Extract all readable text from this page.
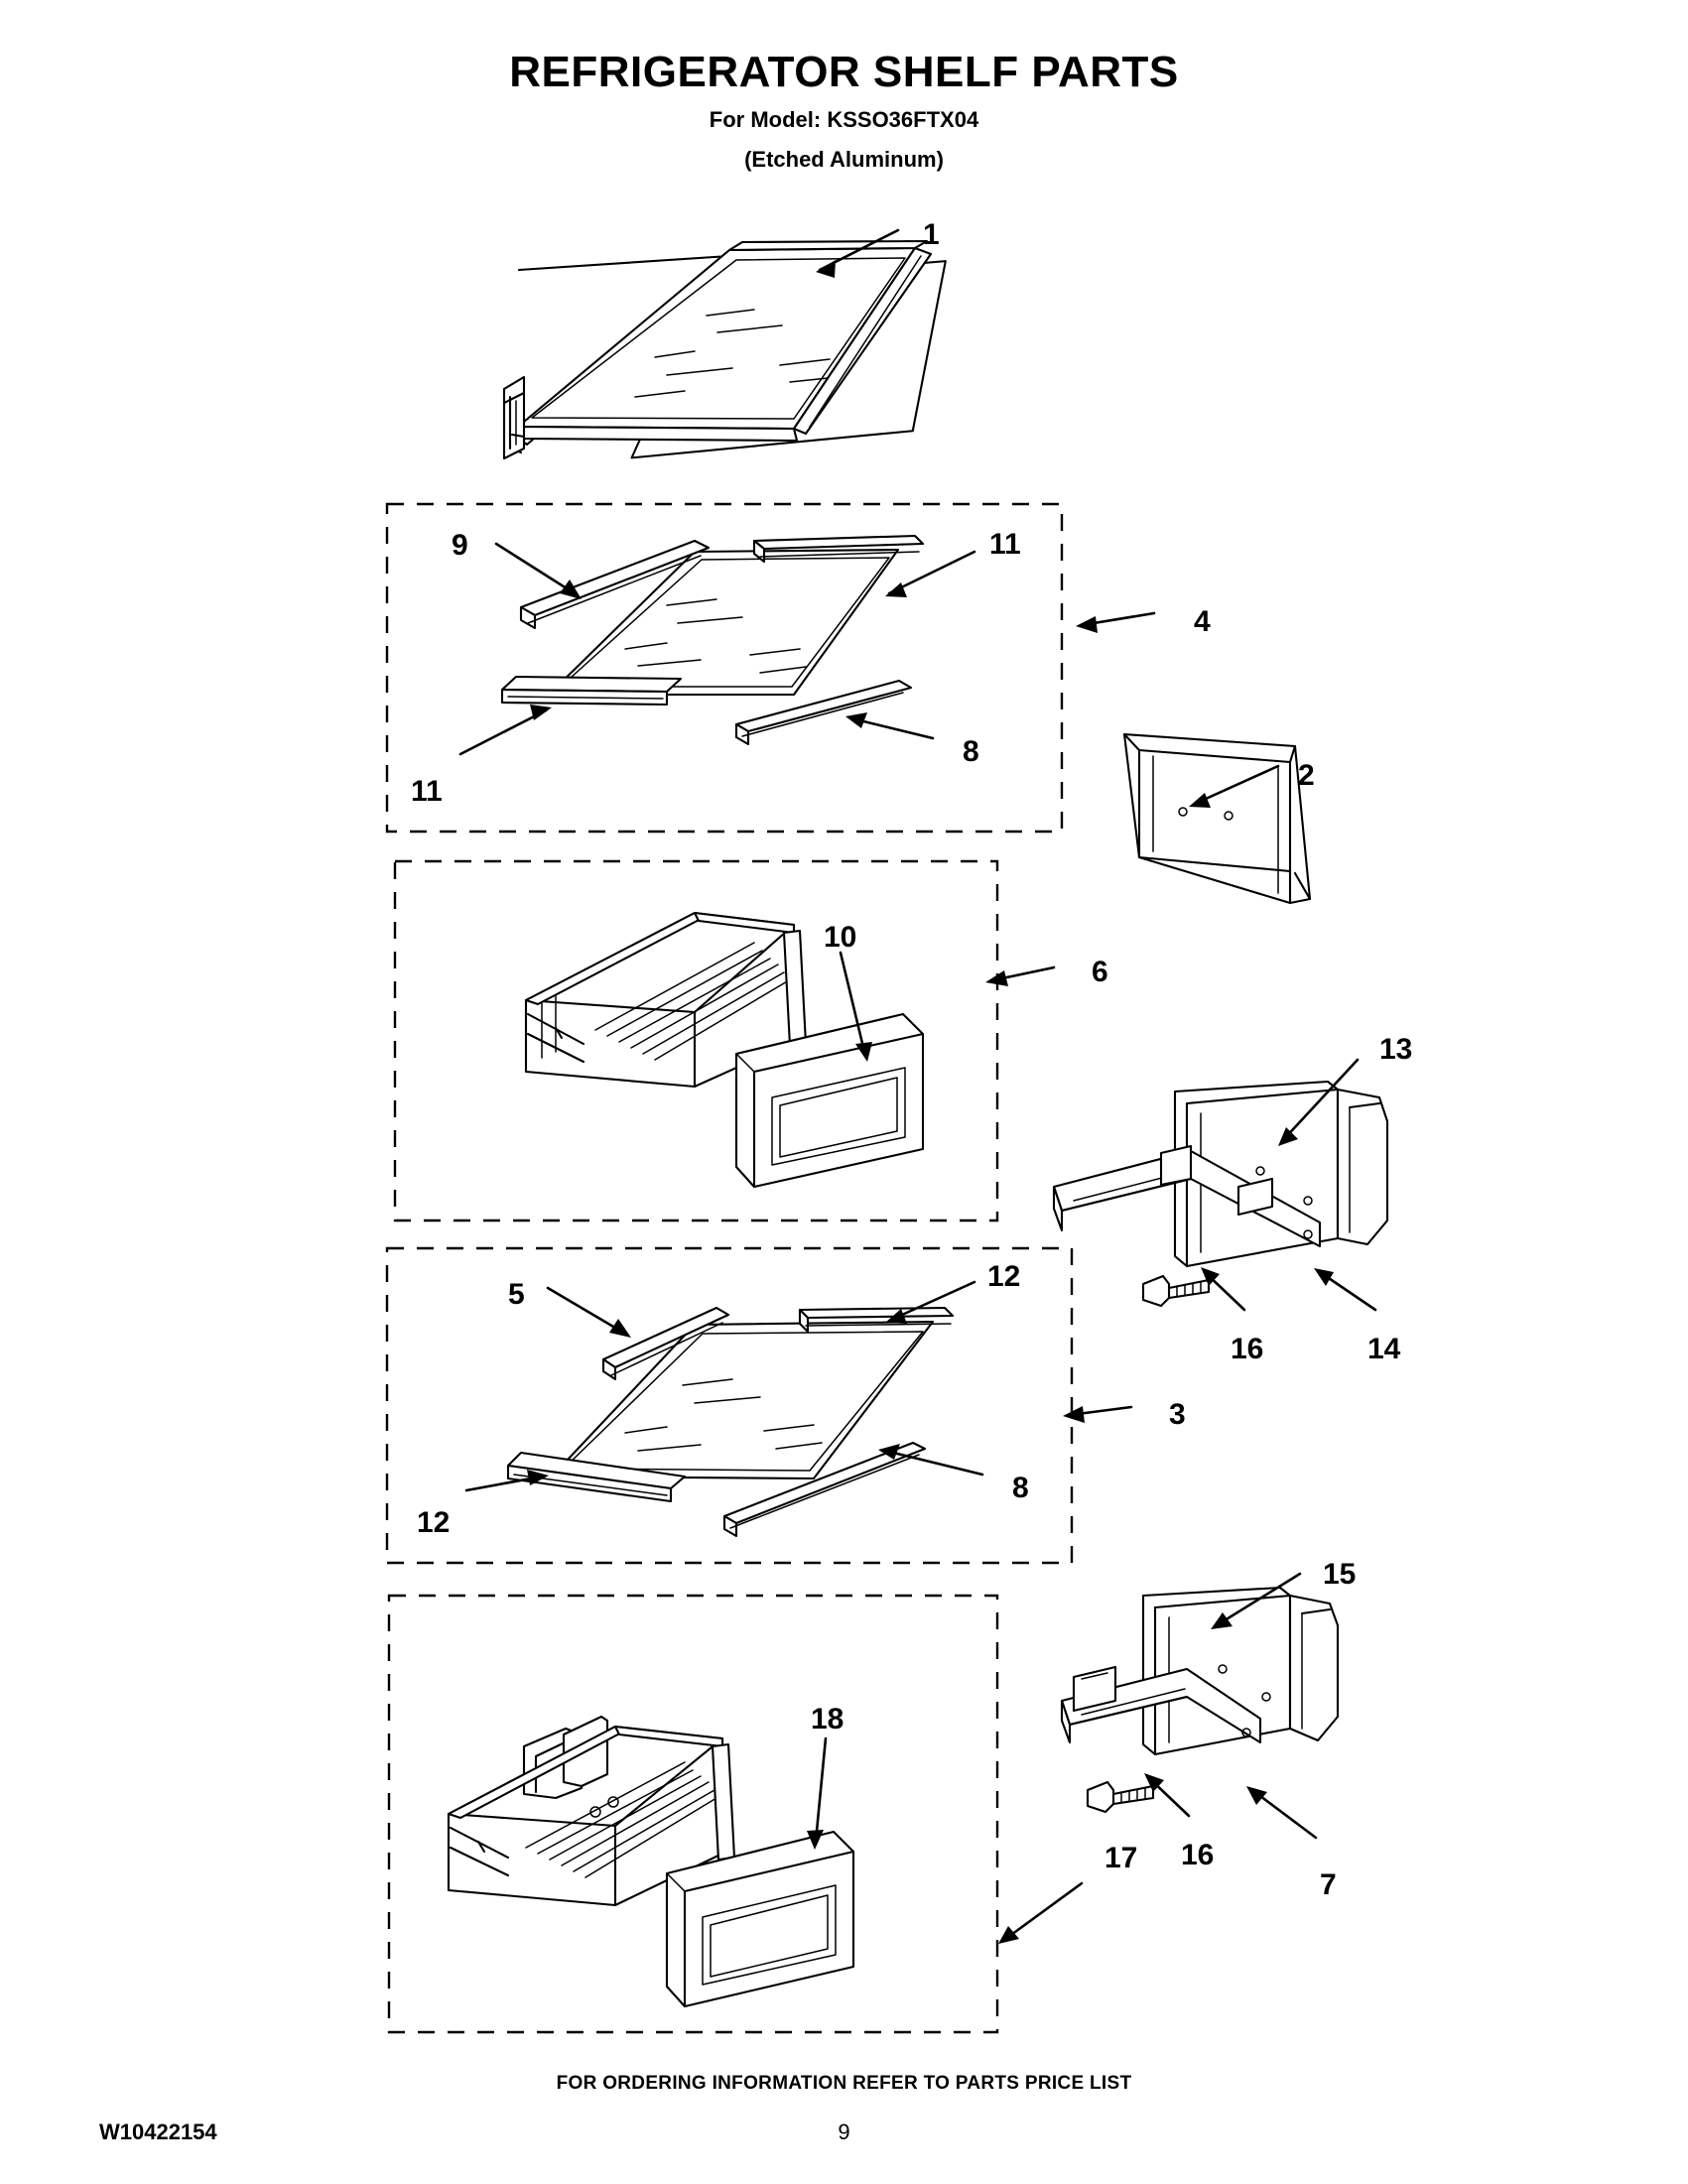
REFRIGERATOR SHELF PARTS
For Model: KSSO36FTX04
(Etched Aluminum)
1
9	11
4
11
8
2
10
6
13
16	14
5
12
3
12
8
15
18
16
7
17
FOR ORDERING INFORMATION REFER TO PARTS PRICE LIST
W10422154	9
